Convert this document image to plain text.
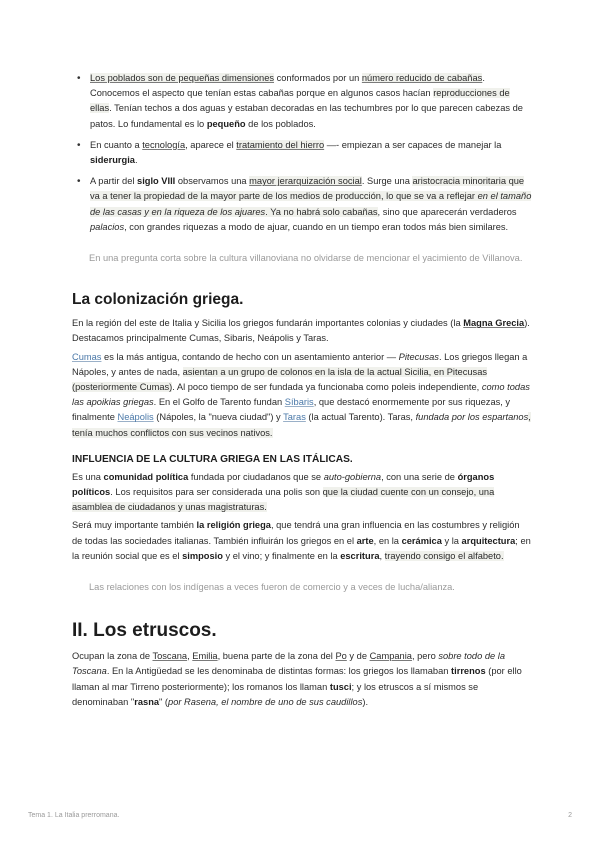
• Los poblados son de pequeñas dimensiones conformados por un número reducido de cabañas. Conocemos el aspecto que tenían estas cabañas porque en algunos casos hacían reproducciones de ellas. Tenían techos a dos aguas y estaban decoradas en las techumbres por lo que parecen cabezas de patos. Lo fundamental es lo pequeño de los poblados.
• En cuanto a tecnología, aparece el tratamiento del hierro —- empiezan a ser capaces de manejar la siderurgia.
• A partir del siglo VIII observamos una mayor jerarquización social. Surge una aristocracia minoritaria que va a tener la propiedad de la mayor parte de los medios de producción, lo que se va a reflejar en el tamaño de las casas y en la riqueza de los ajuares. Ya no habrá solo cabañas, sino que aparecerán verdaderos palacios, con grandes riquezas a modo de ajuar, cuando en un tiempo eran todos más bien similares.

En una pregunta corta sobre la cultura villanoviana no olvidarse de mencionar el yacimiento de Villanova.

La colonización griega.

En la región del este de Italia y Sicilia los griegos fundarán importantes colonias y ciudades (la Magna Grecia). Destacamos principalmente Cumas, Sibaris, Neápolis y Taras.

Cumas es la más antigua, contando de hecho con un asentamiento anterior — Pitecusas. Los griegos llegan a Nápoles, y antes de nada, asientan a un grupo de colonos en la isla de la actual Sicilia, en Pitecusas (posteriormente Cumas). Al poco tiempo de ser fundada ya funcionaba como poleis independiente, como todas las apoikias griegas. En el Golfo de Tarento fundan Síbaris, que destacó enormemente por sus riquezas, y finalmente Neápolis (Nápoles, la "nueva ciudad") y Taras (la actual Tarento). Taras, fundada por los espartanos, tenía muchos conflictos con sus vecinos nativos.

INFLUENCIA DE LA CULTURA GRIEGA EN LAS ITÁLICAS.

Es una comunidad política fundada por ciudadanos que se auto-gobierna, con una serie de órganos políticos. Los requisitos para ser considerada una polis son que la ciudad cuente con un consejo, una asamblea de ciudadanos y unas magistraturas.

Será muy importante también la religión griega, que tendrá una gran influencia en las costumbres y religión de todas las sociedades italianas. También influirán los griegos en el arte, en la cerámica y la arquitectura; en la reunión social que es el simposio y el vino; y finalmente en la escritura, trayendo consigo el alfabeto.

Las relaciones con los indígenas a veces fueron de comercio y a veces de lucha/alianza.

II. Los etruscos.

Ocupan la zona de Toscana, Emilia, buena parte de la zona del Po y de Campania, pero sobre todo de la Toscana. En la Antigüedad se les denominaba de distintas formas: los griegos los llamaban tirrenos (por ello llaman al mar Tirreno posteriormente); los romanos los llaman tusci; y los etruscos a sí mismos se denominaban "rasna" (por Rasena, el nombre de uno de sus caudillos).

Tema 1. La Italia prerromana.	2
